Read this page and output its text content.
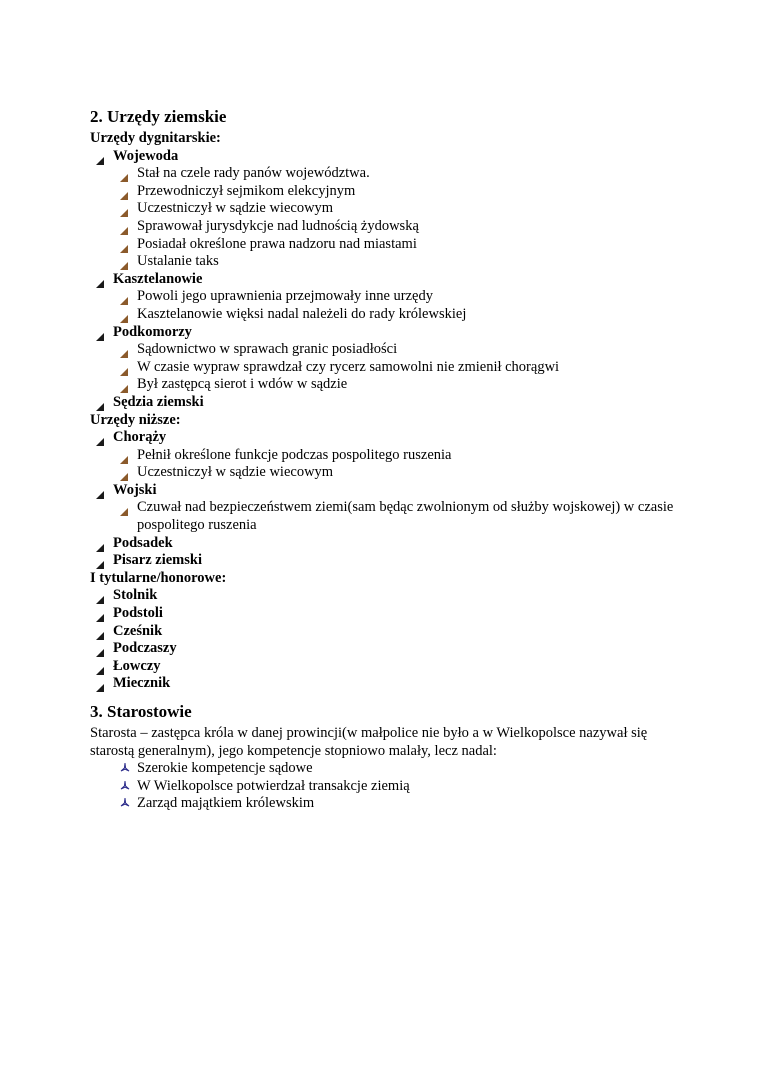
2. Urzędy ziemskie
Urzędy dygnitarskie:
Wojewoda
Stał na czele rady panów województwa.
Przewodniczył sejmikom elekcyjnym
Uczestniczył w sądzie wiecowym
Sprawował jurysdykcje nad ludnością żydowską
Posiadał określone prawa nadzoru nad miastami
Ustalanie taks
Kasztelanowie
Powoli jego uprawnienia przejmowały inne urzędy
Kasztelanowie więksi nadal należeli do rady królewskiej
Podkomorzy
Sądownictwo w sprawach granic posiadłości
W czasie wypraw sprawdzał czy rycerz samowolni nie zmienił chorągwi
Był zastępcą sierot i wdów w sądzie
Sędzia ziemski
Urzędy niższe:
Chorąży
Pełnił określone funkcje podczas pospolitego ruszenia
Uczestniczył w sądzie wiecowym
Wojski
Czuwał nad bezpieczeństwem ziemi(sam będąc zwolnionym od służby wojskowej) w czasie pospolitego ruszenia
Podsadek
Pisarz ziemski
I tytularne/honorowe:
Stolnik
Podstoli
Cześnik
Podczaszy
Łowczy
Miecznik
3. Starostowie

Starosta – zastępca króla w danej prowincji(w małpolice nie było a w Wielkopolsce nazywał się starostą generalnym), jego kompetencje stopniowo malały, lecz nadal:

Szerokie kompetencje sądowe
W Wielkopolsce potwierdzał transakcje ziemią
Zarząd majątkiem królewskim
